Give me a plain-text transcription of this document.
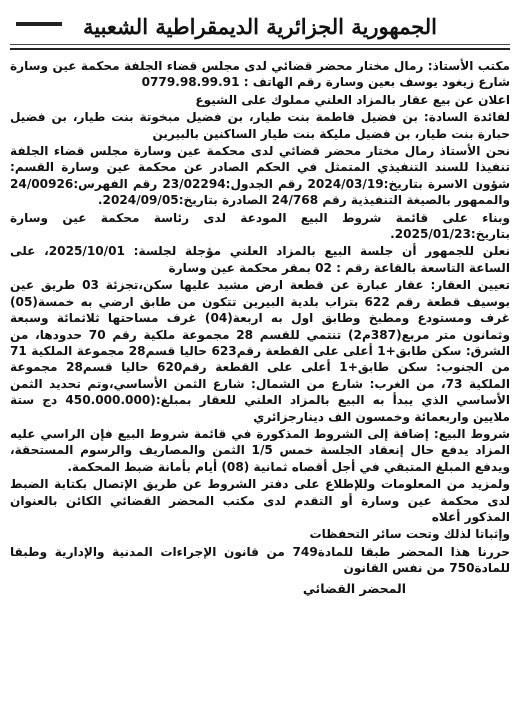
الجمهورية الجزائرية الديمقراطية الشعبية

مكتب الأستاذ: رمال مختار محضر قضائي لدى مجلس قضاء الجلفة محكمة عين وسارة شارع زيغود يوسف بعين وسارة رقم الهاتف : 0779.98.99.91

اعلان عن بيع عقار بالمزاد العلني مملوك على الشيوع

لفائدة السادة: بن فضيل فاطمة بنت طيار، بن فضيل مبخوتة بنت طيار، بن فضيل حبارة بنت طيار، بن فضيل مليكة بنت طيار الساكنين بالبيرين

نحن الأستاذ رمال مختار محضر قضائي لدى محكمة عين وسارة مجلس قضاء الجلفة تنفيذا للسند التنفيذي المتمثل في الحكم الصادر عن محكمة عين وسارة القسم: شؤون الاسرة بتاريخ:2024/03/19 رقم الجدول:23/02294 رقم الفهرس:24/00926 والممهور بالصيغة التنفيذية رقم 24/768 الصادرة بتاريخ:2024/09/05.

وبناء على قائمة شروط البيع المودعة لدى رئاسة محكمة عين وسارة بتاريخ:2025/01/23.

نعلن للجمهور أن جلسة البيع بالمزاد العلني مؤجلة لجلسة: 2025/10/01، على الساعة التاسعة بالقاعة رقم : 02 بمقر محكمة عين وسارة

تعيين العقار: عقار عبارة عن قطعة ارض مشيد عليها سكن،تجزئة 03 طريق عين بوسيف قطعة رقم 622 بتراب بلدية البيرين تتكون من طابق ارضي به خمسة(05) غرف ومستودع ومطبخ وطابق اول به اربعة(04) غرف مساحتها ثلاثمائة وسبعة وثمانون متر مربع(387م2) تنتمي للقسم 28 مجموعة ملكية رقم 70 حدودها، من الشرق: سكن طابق+1 أعلى على القطعة رقم623 حاليا قسم28 مجموعة الملكية 71 من الجنوب: سكن طابق+1 أعلى على القطعة رقم620 حاليا قسم28 مجموعة الملكية 73، من الغرب: شارع من الشمال: شارع الثمن الأساسي،وتم تحديد الثمن الأساسي الذي يبدأ به البيع بالمزاد العلني للعقار بمبلغ:(450.000.000 دج ستة ملايين واربعمائة وخمسون الف دينارجزائري

شروط البيع: إضافة إلى الشروط المذكورة في قائمة شروط البيع فإن الراسي عليه المزاد يدفع حال إنعقاد الجلسة خمس 1/5 الثمن والمصاريف والرسوم المستحقة، ويدفع المبلغ المتبقي في أجل أقصاه ثمانية (08) أيام بأمانة ضبط المحكمة.

ولمزيد من المعلومات وللإطلاع على دفتر الشروط عن طريق الإتصال بكتابة الضبط لدى محكمة عين وسارة أو التقدم لدى مكتب المحضر القضائي الكائن بالعنوان المذكور أعلاه

وإثباتا لذلك وتحت سائر التحفظات

حررنا هذا المحضر طبقا للمادة749 من قانون الإجراءات المدنية والإدارية وطبقا للمادة750 من نفس القانون

المحضر القضائي
